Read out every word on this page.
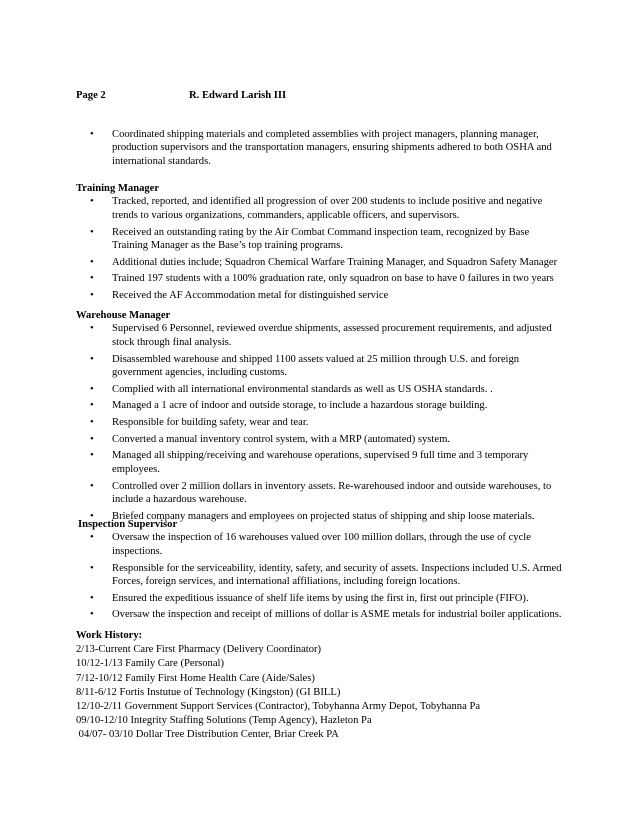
Page 2	R. Edward Larish III
• Coordinated shipping materials and completed assemblies with project managers, planning manager, production supervisors and the transportation managers, ensuring shipments adhered to both OSHA and international standards.
Training Manager
• Tracked, reported, and identified all progression of over 200 students to include positive and negative trends to various organizations, commanders, applicable officers, and supervisors.
• Received an outstanding rating by the Air Combat Command inspection team, recognized by Base Training Manager as the Base’s top training programs.
• Additional duties include; Squadron Chemical Warfare Training Manager, and Squadron Safety Manager
• Trained 197 students with a 100% graduation rate, only squadron on base to have 0 failures in two years
• Received the AF Accommodation metal for distinguished service
Warehouse Manager
• Supervised 6 Personnel, reviewed overdue shipments, assessed procurement requirements, and adjusted stock through final analysis.
• Disassembled warehouse and shipped 1100 assets valued at 25 million through U.S. and foreign government agencies, including customs.
• Complied with all international environmental standards as well as US OSHA standards. .
• Managed a 1 acre of indoor and outside storage, to include a hazardous storage building.
• Responsible for building safety, wear and tear.
• Converted a manual inventory control system, with a MRP (automated) system.
• Managed all shipping/receiving and warehouse operations, supervised 9 full time and 3 temporary employees.
• Controlled over 2 million dollars in inventory assets. Re-warehoused indoor and outside warehouses, to include a hazardous warehouse.
• Briefed company managers and employees on projected status of shipping and ship loose materials.
Inspection Supervisor
• Oversaw the inspection of 16 warehouses valued over 100 million dollars, through the use of cycle inspections.
• Responsible for the serviceability, identity, safety, and security of assets. Inspections included U.S. Armed Forces, foreign services, and international affiliations, including foreign locations.
• Ensured the expeditious issuance of shelf life items by using the first in, first out principle (FIFO).
• Oversaw the inspection and receipt of millions of dollar is ASME metals for industrial boiler applications.
Work History:
2/13-Current Care First Pharmacy (Delivery Coordinator)
10/12-1/13 Family Care (Personal)
7/12-10/12 Family First Home Health Care (Aide/Sales)
8/11-6/12 Fortis Instutue of Technology (Kingston) (GI BILL)
12/10-2/11 Government Support Services (Contractor), Tobyhanna Army Depot, Tobyhanna Pa
09/10-12/10 Integrity Staffing Solutions (Temp Agency), Hazleton Pa
04/07- 03/10 Dollar Tree Distribution Center, Briar Creek PA
